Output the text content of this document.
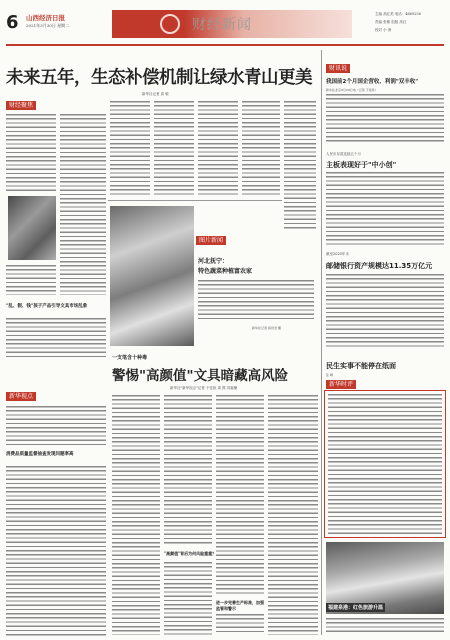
6 山西经济日报
2021年3月30日 星期二	财经新闻
主编 高红美 电话：4669256
责编 张敏 组版 高红
校对 小 涛
未来五年，生态补偿机制让绿水青山更美
新华社记者 高 敏
财经聚焦
图片新闻
河北抚宁：
特色蔬菜种植富农家
新华社记者 杨世尧 摄
"乱、假、钱"孩子产品引导文具市场乱象
新华视点
消费品质量监督抽查发现问题率高
一支笔含十种毒
警惕"高颜值"文具暗藏高风险
新华社"新华视点"记者 于佳欣 周 圆 刘嘉楠
"高颜值"背后为何风险重重？
进一步完善生产标准，加强
监管和警示
财讯说
我国前2个月国企营收、利润"双丰收"
新华社北京3月29日电（记者 于佳欣）
人民币存款连续五个月
主板表现好于"中小创"
截至2020年末
邮储银行资产规模达11.35万亿元
民生实事不能停在纸面
张 晴
新华时评
福建泉港：红色旅游升温
